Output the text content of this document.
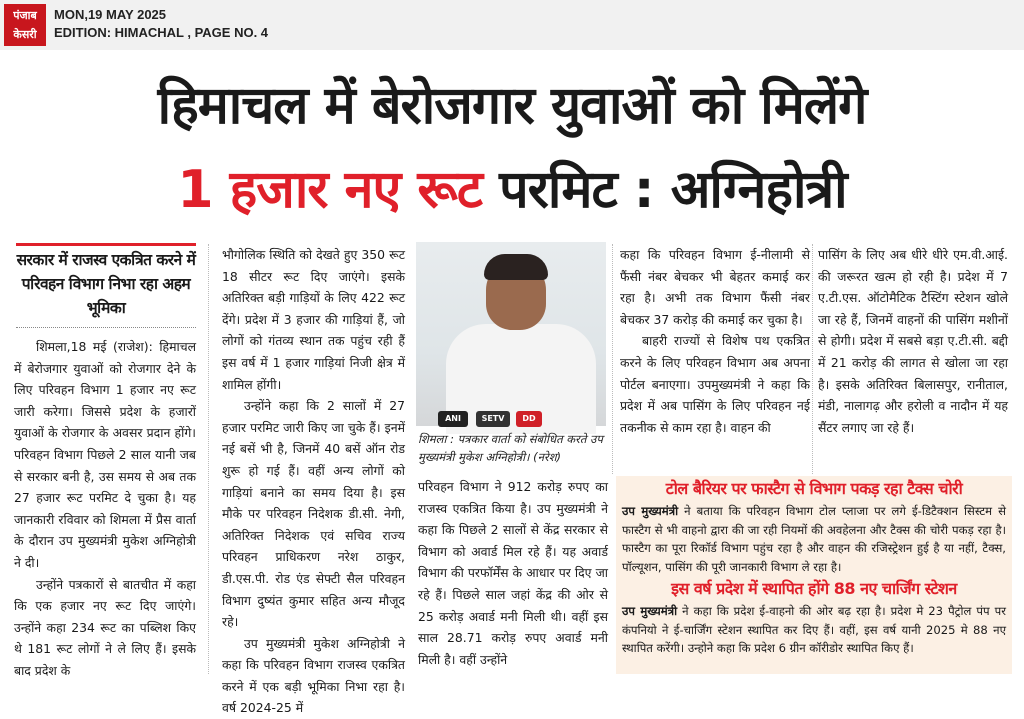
पंजाब
केसरी
MON,19 MAY 2025
EDITION: HIMACHAL , PAGE NO. 4
हिमाचल में बेरोजगार युवाओं को मिलेंगे
1 हजार नए रूट परमिट : अग्निहोत्री
सरकार में राजस्व एकत्रित करने में परिवहन विभाग निभा रहा अहम भूमिका

शिमला,18 मई (राजेश): हिमाचल में बेरोजगार युवाओं को रोजगार देने के लिए परिवहन विभाग 1 हजार नए रूट जारी करेगा। जिससे प्रदेश के हजारों युवाओं के रोजगार के अवसर प्रदान होंगे। परिवहन विभाग पिछले 2 साल यानी जब से सरकार बनी है, उस समय से अब तक 27 हजार रूट परमिट दे चुका है। यह जानकारी रविवार को शिमला में प्रैस वार्ता के दौरान उप मुख्यमंत्री मुकेश अग्निहोत्री ने दी।

उन्होंने पत्रकारों से बातचीत में कहा कि एक हजार नए रूट दिए जाएंगे। उन्होंने कहा 234 रूट का पब्लिश किए थे 181 रूट लोगों ने ले लिए हैं। इसके बाद प्रदेश के

भौगोलिक स्थिति को देखते हुए 350 रूट 18 सीटर रूट दिए जाएंगे। इसके अतिरिक्त बड़ी गाड़ियों के लिए 422 रूट देंगे। प्रदेश में 3 हजार की गाड़ियां हैं, जो लोगों को गंतव्य स्थान तक पहुंच रही हैं इस वर्ष में 1 हजार गाड़ियां निजी क्षेत्र में शामिल होंगी।

उन्होंने कहा कि 2 सालों में 27 हजार परमिट जारी किए जा चुके हैं। इनमें नई बसें भी है, जिनमें 40 बसें ऑन रोड शुरू हो गई हैं। वहीं अन्य लोगों को गाड़ियां बनाने का समय दिया है। इस मौके पर परिवहन निदेशक डी.सी. नेगी, अतिरिक्त निदेशक एवं सचिव राज्य परिवहन प्राधिकरण नरेश ठाकुर, डी.एस.पी. रोड एंड सेफ्टी सैल परिवहन विभाग दुष्यंत कुमार सहित अन्य मौजूद रहे।

उप मुख्यमंत्री मुकेश अग्निहोत्री ने कहा कि परिवहन विभाग राजस्व एकत्रित करने में एक बड़ी भूमिका निभा रहा है। वर्ष 2024-25 में

ANI	SETV	DD
शिमला : पत्रकार वार्ता को संबोधित करते उप मुख्यमंत्री मुकेश अग्निहोत्री। (नरेश)

परिवहन विभाग ने 912 करोड़ रुपए का राजस्व एकत्रित किया है। उप मुख्यमंत्री ने कहा कि पिछले 2 सालों से केंद्र सरकार से विभाग को अवार्ड मिल रहे हैं। यह अवार्ड विभाग की परफॉर्मेंस के आधार पर दिए जा रहे हैं। पिछले साल जहां केंद्र की ओर से 25 करोड़ अवार्ड मनी मिली थी। वहीं इस साल 28.71 करोड़ रुपए अवार्ड मनी मिली है। वहीं उन्होंने

कहा कि परिवहन विभाग ई-नीलामी से फैंसी नंबर बेचकर भी बेहतर कमाई कर रहा है। अभी तक विभाग फैंसी नंबर बेचकर 37 करोड़ की कमाई कर चुका है।

बाहरी राज्यों से विशेष पथ एकत्रित करने के लिए परिवहन विभाग अब अपना पोर्टल बनाएगा। उपमुख्यमंत्री ने कहा कि प्रदेश में अब पासिंग के लिए परिवहन नई तकनीक से काम रहा है। वाहन की

पासिंग के लिए अब धीरे धीरे एम.वी.आई. की जरूरत खत्म हो रही है। प्रदेश में 7 ए.टी.एस. ऑटोमैटिक टैस्टिंग स्टेशन खोले जा रहे हैं, जिनमें वाहनों की पासिंग मशीनों से होगी। प्रदेश में सबसे बड़ा ए.टी.सी. बद्दी में 21 करोड़ की लागत से खोला जा रहा है। इसके अतिरिक्त बिलासपुर, रानीताल, मंडी, नालागढ़ और हरोली व नादौन में यह सैंटर लगाए जा रहे हैं।

टोल बैरियर पर फास्टैग से विभाग पकड़ रहा टैक्स चोरी

उप मुख्यमंत्री ने बताया कि परिवहन विभाग टोल प्लाजा पर लगे ई-डिटैक्शन सिस्टम से फास्टैग से भी वाहनो द्वारा की जा रही नियमों की अवहेलना और टैक्स की चोरी पकड़ रहा है। फास्टैग का पूरा रिकॉर्ड विभाग पहुंच रहा है और वाहन की रजिस्ट्रेशन हुई है या नहीं, टैक्स, पॉल्यूशन, पासिंग की पूरी जानकारी विभाग ले रहा है।

इस वर्ष प्रदेश में स्थापित होंगे 88 नए चार्जिंग स्टेशन

उप मुख्यमंत्री ने कहा कि प्रदेश ई-वाहनो की ओर बढ़ रहा है। प्रदेश मे 23 पैट्रोल पंप पर कंपनियो ने ई-चार्जिंग स्टेशन स्थापित कर दिए हैं। वहीं, इस वर्ष यानी 2025 मे 88 नए स्थापित करेंगी। उन्होने कहा कि प्रदेश 6 ग्रीन कॉरीडोर स्थापित किए हैं।
